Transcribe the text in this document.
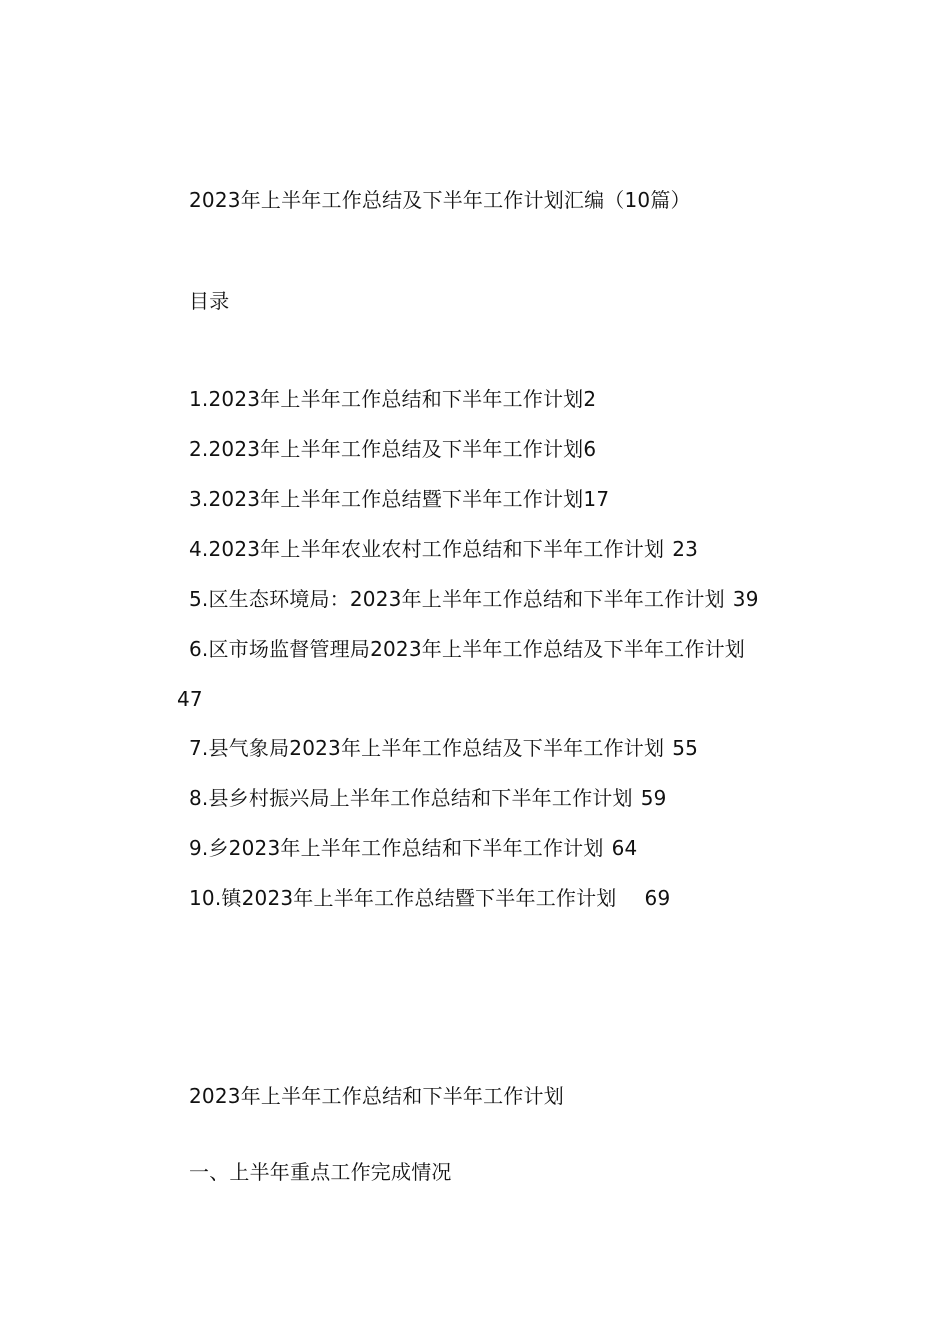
2023年上半年工作总结及下半年工作计划汇编（10篇）
目录
1.2023年上半年工作总结和下半年工作计划2
2.2023年上半年工作总结及下半年工作计划6
3.2023年上半年工作总结暨下半年工作计划17
4.2023年上半年农业农村工作总结和下半年工作计划 23
5.区生态环境局：2023年上半年工作总结和下半年工作计划 39
6.区市场监督管理局2023年上半年工作总结及下半年工作计划
47
7.县气象局2023年上半年工作总结及下半年工作计划 55
8.县乡村振兴局上半年工作总结和下半年工作计划 59
9.乡2023年上半年工作总结和下半年工作计划 64
10.镇2023年上半年工作总结暨下半年工作计划 69
2023年上半年工作总结和下半年工作计划
一、上半年重点工作完成情况
